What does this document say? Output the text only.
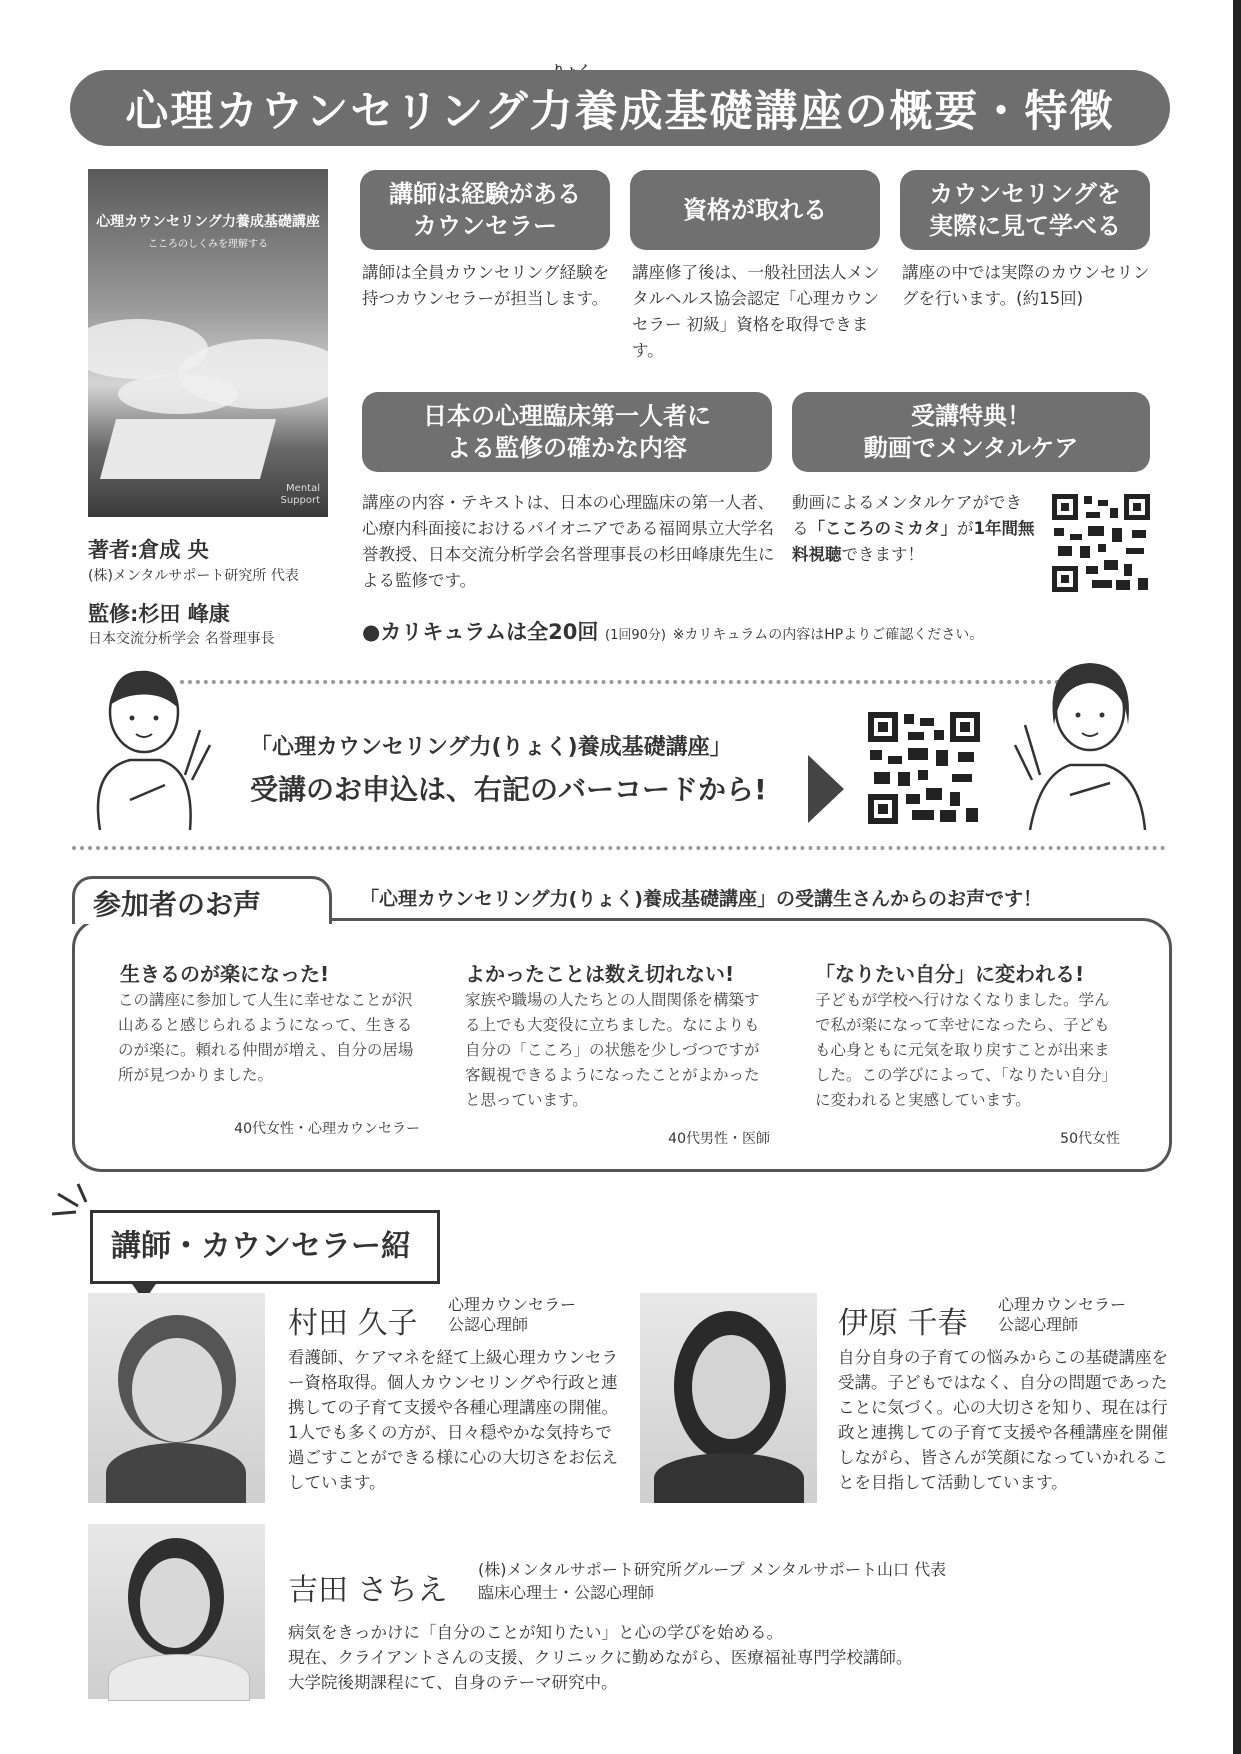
心理カウンセリング力養成基礎講座の概要・特徴
心理カウンセリング力養成基礎講座
こころのしくみを理解する
Mental Support
著者:倉成 央
(株)メンタルサポート研究所 代表
監修:杉田 峰康
日本交流分析学会 名誉理事長
講師は経験がある
カウンセラー
資格が取れる
カウンセリングを
実際に見て学べる
講師は全員カウンセリング経験を持つカウンセラーが担当します。
講座修了後は、一般社団法人メンタルヘルス協会認定「心理カウンセラー 初級」資格を取得できます。
講座の中では実際のカウンセリングを行います。(約15回)
日本の心理臨床第一人者に
よる監修の確かな内容
受講特典！
動画でメンタルケア
講座の内容・テキストは、日本の心理臨床の第一人者、心療内科面接におけるパイオニアである福岡県立大学名誉教授、日本交流分析学会名誉理事長の杉田峰康先生による監修です。
動画によるメンタルケアができる「こころのミカタ」が1年間無料視聴できます！
●カリキュラムは全20回 (1回90分) ※カリキュラムの内容はHPよりご確認ください。
「心理カウンセリング力(りょく)養成基礎講座」
受講のお申込は、右記のバーコードから!
参加者のお声	「心理カウンセリング力(りょく)養成基礎講座」の受講生さんからのお声です！
生きるのが楽になった!
この講座に参加して人生に幸せなことが沢山あると感じられるようになって、生きるのが楽に。頼れる仲間が増え、自分の居場所が見つかりました。
40代女性・心理カウンセラー
よかったことは数え切れない!
家族や職場の人たちとの人間関係を構築する上でも大変役に立ちました。なによりも自分の「こころ」の状態を少しづつですが客観視できるようになったことがよかったと思っています。
40代男性・医師
「なりたい自分」に変われる!
子どもが学校へ行けなくなりました。学んで私が楽になって幸せになったら、子どもも心身ともに元気を取り戻すことが出来ました。この学びによって、「なりたい自分」に変われると実感しています。
50代女性
講師・カウンセラー紹
村田 久子
心理カウンセラー
公認心理師
看護師、ケアマネを経て上級心理カウンセラー資格取得。個人カウンセリングや行政と連携しての子育て支援や各種心理講座の開催。
1人でも多くの方が、日々穏やかな気持ちで過ごすことができる様に心の大切さをお伝えしています。
伊原 千春
心理カウンセラー
公認心理師
自分自身の子育ての悩みからこの基礎講座を受講。子どもではなく、自分の問題であったことに気づく。心の大切さを知り、現在は行政と連携しての子育て支援や各種講座を開催しながら、皆さんが笑顔になっていかれることを目指して活動しています。
吉田 さちえ
(株)メンタルサポート研究所グループ メンタルサポート山口 代表
臨床心理士・公認心理師
病気をきっかけに「自分のことが知りたい」と心の学びを始める。
現在、クライアントさんの支援、クリニックに勤めながら、医療福祉専門学校講師。
大学院後期課程にて、自身のテーマ研究中。
